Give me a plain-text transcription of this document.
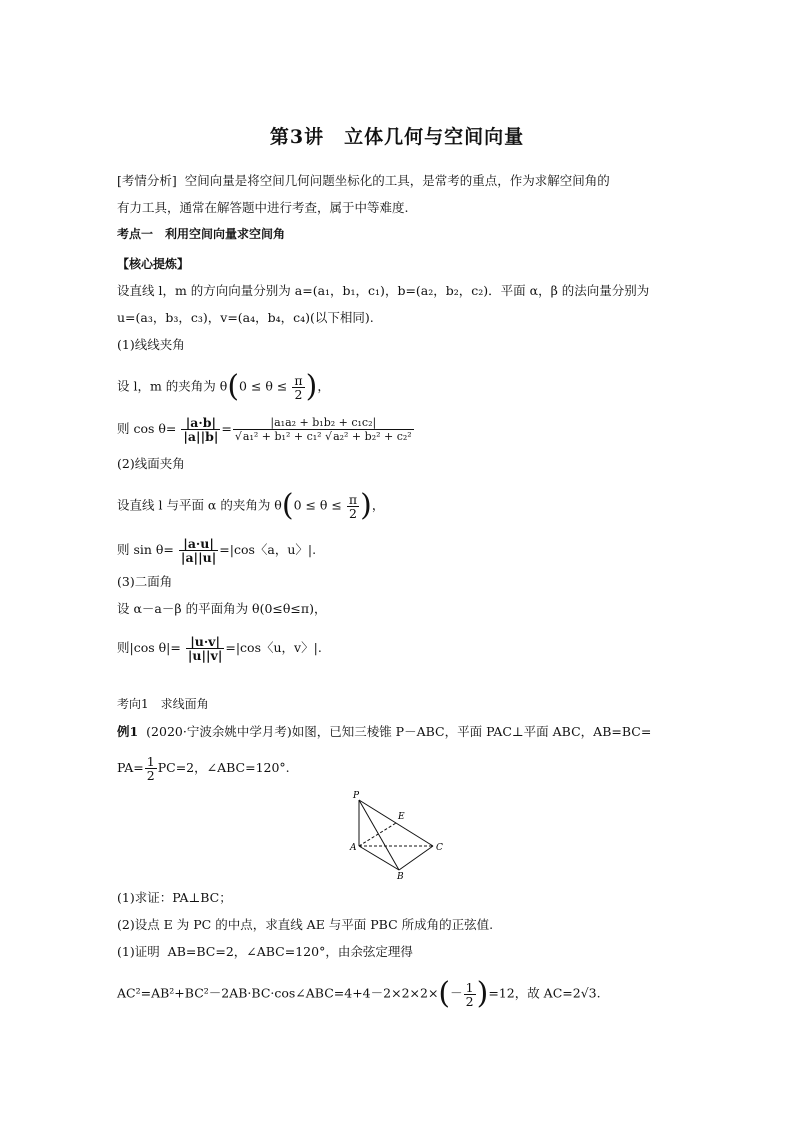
第3讲　立体几何与空间向量
[考情分析] 空间向量是将空间几何问题坐标化的工具，是常考的重点，作为求解空间角的
有力工具，通常在解答题中进行考查，属于中等难度.
考点一　利用空间向量求空间角
【核心提炼】
设直线 l，m 的方向向量分别为 a=(a₁，b₁，c₁)，b=(a₂，b₂，c₂)．平面 α，β 的法向量分别为
u=(a₃，b₃，c₃)，v=(a₄，b₄，c₄)(以下相同).
(1)线线夹角
设 l，m 的夹角为 $\theta(0 \le \theta \le \frac{\pi}{2}$ )，
则 $\cos \theta= \frac{|a\cdot b|}{|a||b|} = \frac{\text{|a₁a₂ + b₁b₂ + c₁c₂|}}{\text{√a₁² + b₁² + c₁² √a₂² + b₂² + c₂²}}$
(2)线面夹角
设直线 l 与平面 α 的夹角为 $\theta(0 \le \theta \le \frac{\pi}{2}$ )，
则 $\sin \theta= \frac{|a\cdot u|}{|a||u|} =|\cos$〈a，u〉|.
(3)二面角
设 α－a－β 的平面角为 θ(0≤θ≤π)，
则|cos $\theta|= \frac{|u\cdot v|}{|u||v|} =|\cos$〈u，v〉|.
考向1　求线面角
例1 (2020·宁波余姚中学月考)如图，已知三棱锥 P－ABC，平面 PAC⊥平面 ABC，AB=BC=
$PA= \frac{1}{2} PC=2$，∠ABC=120°.
P
E
A
B
C
(1)求证：PA⊥BC；
(2)设点 E 为 PC 的中点，求直线 AE 与平面 PBC 所成角的正弦值.
(1)证明 AB=BC=2，∠ABC=120°，由余弦定理得
AC²=AB²+BC²－2AB·BC·cos∠ABC=4+4－2×2×2×(－ $\frac{1}{2} )=12$，故 AC=2√3.
